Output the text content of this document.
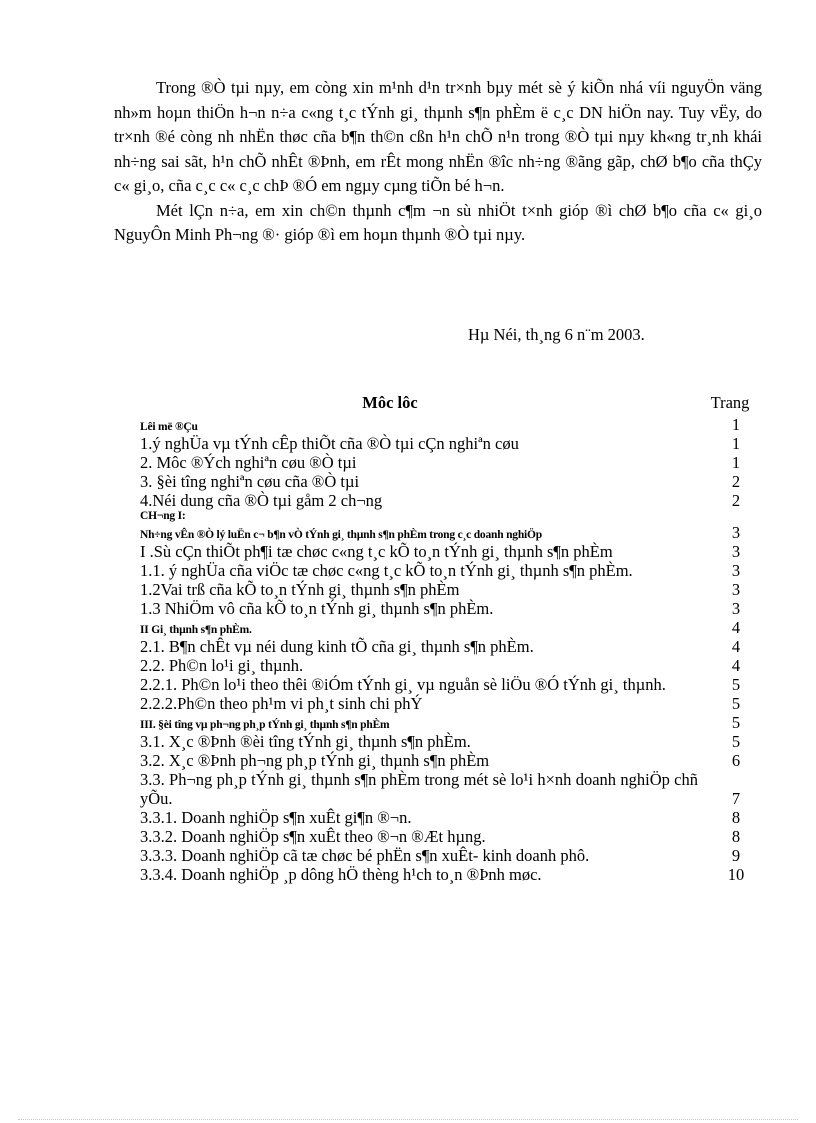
Trong ®Ò tµi nµy, em còng xin m¹nh d¹n tr×nh bµy mét sè ý kiÕn nhá víi nguyÖn väng nh»m hoµn thiÖn h¬n n÷a c«ng t¸c tÝnh gi¸ thµnh s¶n phÈm ë c¸c DN hiÖn nay. Tuy vËy, do tr×nh ®é còng nh nhËn thøc cña b¶n th©n cßn h¹n chÕ n¹n trong ®Ò tµi nµy kh«ng tr¸nh khái nh÷ng sai sãt, h¹n chÕ nhÊt ®Þnh, em rÊt mong nhËn ®îc nh÷ng ®ãng gãp, chØ b¶o cña thÇy c« gi¸o, cña c¸c c« c¸c chÞ ®Ó em ngµy cµng tiÕn bé h¬n.

Mét lÇn n÷a, em xin ch©n thµnh c¶m ¬n sù nhiÖt t×nh gióp ®ì chØ b¶o cña c« gi¸o NguyÔn Minh Ph¬ng ®· gióp ®ì em hoµn thµnh ®Ò tµi nµy.

Hµ Néi, th¸ng 6 n¨m 2003.
Môc lôc	Trang
Lêi më ®Çu	1
1.ý nghÜa vµ tÝnh cÊp thiÕt cña ®Ò tµi cÇn nghiªn cøu	1
2. Môc ®Ých nghiªn cøu ®Ò tµi	1
3. §èi tîng nghiªn cøu cña ®Ò tµi	2
4.Néi dung cña ®Ò tµi gåm 2 ch¬ng	2
CH¬ng I:
Nh÷ng vÊn ®Ò lý luËn c¬ b¶n vÒ tÝnh gi¸ thµnh s¶n phÈm trong c¸c doanh nghiÖp	3
I .Sù cÇn thiÕt ph¶i tæ chøc c«ng t¸c kÕ to¸n tÝnh gi¸ thµnh s¶n phÈm	3
1.1. ý nghÜa cña viÖc tæ chøc c«ng t¸c kÕ to¸n tÝnh gi¸ thµnh s¶n phÈm.	3
1.2Vai trß cña kÕ to¸n tÝnh gi¸ thµnh s¶n phÈm	3
1.3 NhiÖm vô cña kÕ to¸n tÝnh gi¸ thµnh s¶n phÈm.	3
II Gi¸ thµnh s¶n phÈm.	4
2.1. B¶n chÊt vµ néi dung kinh tÕ cña gi¸ thµnh s¶n phÈm.	4
2.2. Ph©n lo¹i gi¸ thµnh.	4
2.2.1. Ph©n lo¹i theo thêi ®iÓm tÝnh gi¸ vµ nguån sè liÖu ®Ó tÝnh gi¸ thµnh.	5
2.2.2.Ph©n theo ph¹m vi ph¸t sinh chi phÝ	5
III. §èi tîng vµ ph¬ng ph¸p tÝnh gi¸ thµnh s¶n phÈm	5
3.1. X¸c ®Þnh ®èi tîng tÝnh gi¸ thµnh s¶n phÈm.	5
3.2. X¸c ®Þnh ph¬ng ph¸p tÝnh gi¸ thµnh s¶n phÈm	6
3.3. Ph¬ng ph¸p tÝnh gi¸ thµnh s¶n phÈm trong mét sè lo¹i h×nh doanh nghiÖp chñ yÕu.	7
3.3.1. Doanh nghiÖp s¶n xuÊt gi¶n ®¬n.	8
3.3.2. Doanh nghiÖp s¶n xuÊt theo ®¬n ®Æt hµng.	8
3.3.3. Doanh nghiÖp cã tæ chøc bé phËn s¶n xuÊt- kinh doanh phô.	9
3.3.4. Doanh nghiÖp ¸p dông hÖ thèng h¹ch to¸n ®Þnh møc.	10
